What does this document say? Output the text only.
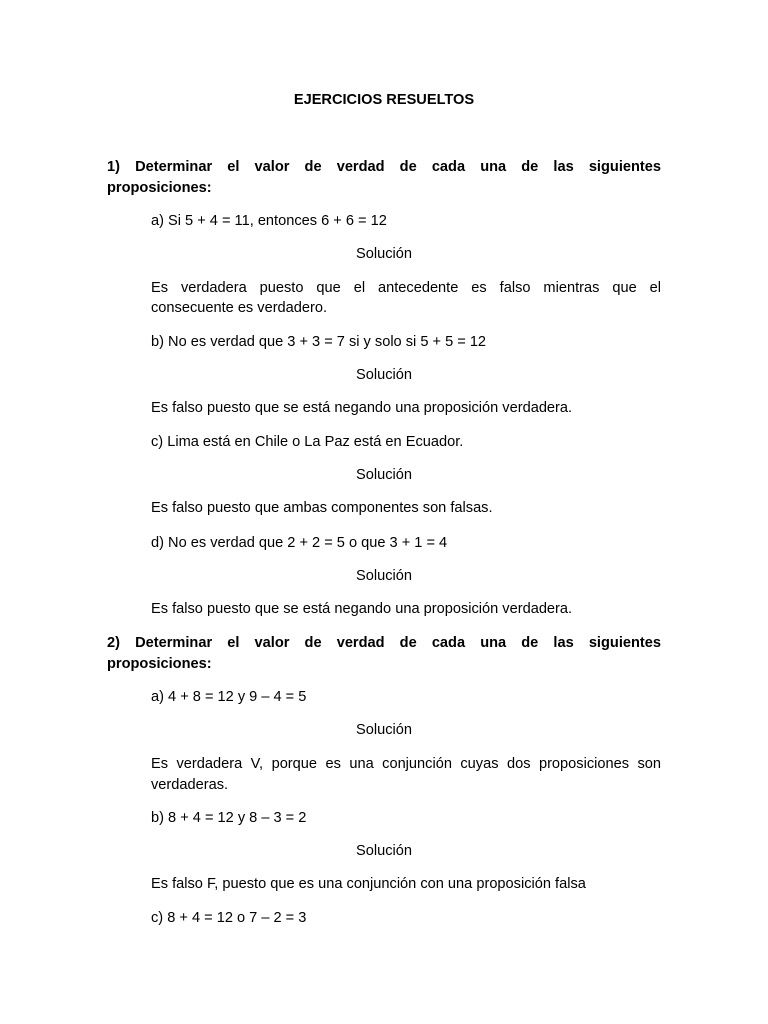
EJERCICIOS RESUELTOS

1) Determinar el valor de verdad de cada una de las siguientes

proposiciones:

a) Si 5 + 4 = 11, entonces 6 + 6 = 12

Solución

Es verdadera puesto que el antecedente es falso mientras que el

consecuente es verdadero.

b) No es verdad que 3 + 3 = 7 si y solo si 5 + 5 = 12

Solución

Es falso puesto que se está negando una proposición verdadera.

c) Lima está en Chile o La Paz está en Ecuador.

Solución

Es falso puesto que ambas componentes son falsas.

d) No es verdad que 2 + 2 = 5 o que 3 + 1 = 4

Solución

Es falso puesto que se está negando una proposición verdadera.

2) Determinar el valor de verdad de cada una de las siguientes

proposiciones:

a) 4 + 8 = 12 y 9 – 4 = 5

Solución

Es verdadera V, porque es una conjunción cuyas dos proposiciones son

verdaderas.

b) 8 + 4 = 12 y 8 – 3 = 2

Solución

Es falso F, puesto que es una conjunción con una proposición falsa

c) 8 + 4 = 12 o 7 – 2 = 3
